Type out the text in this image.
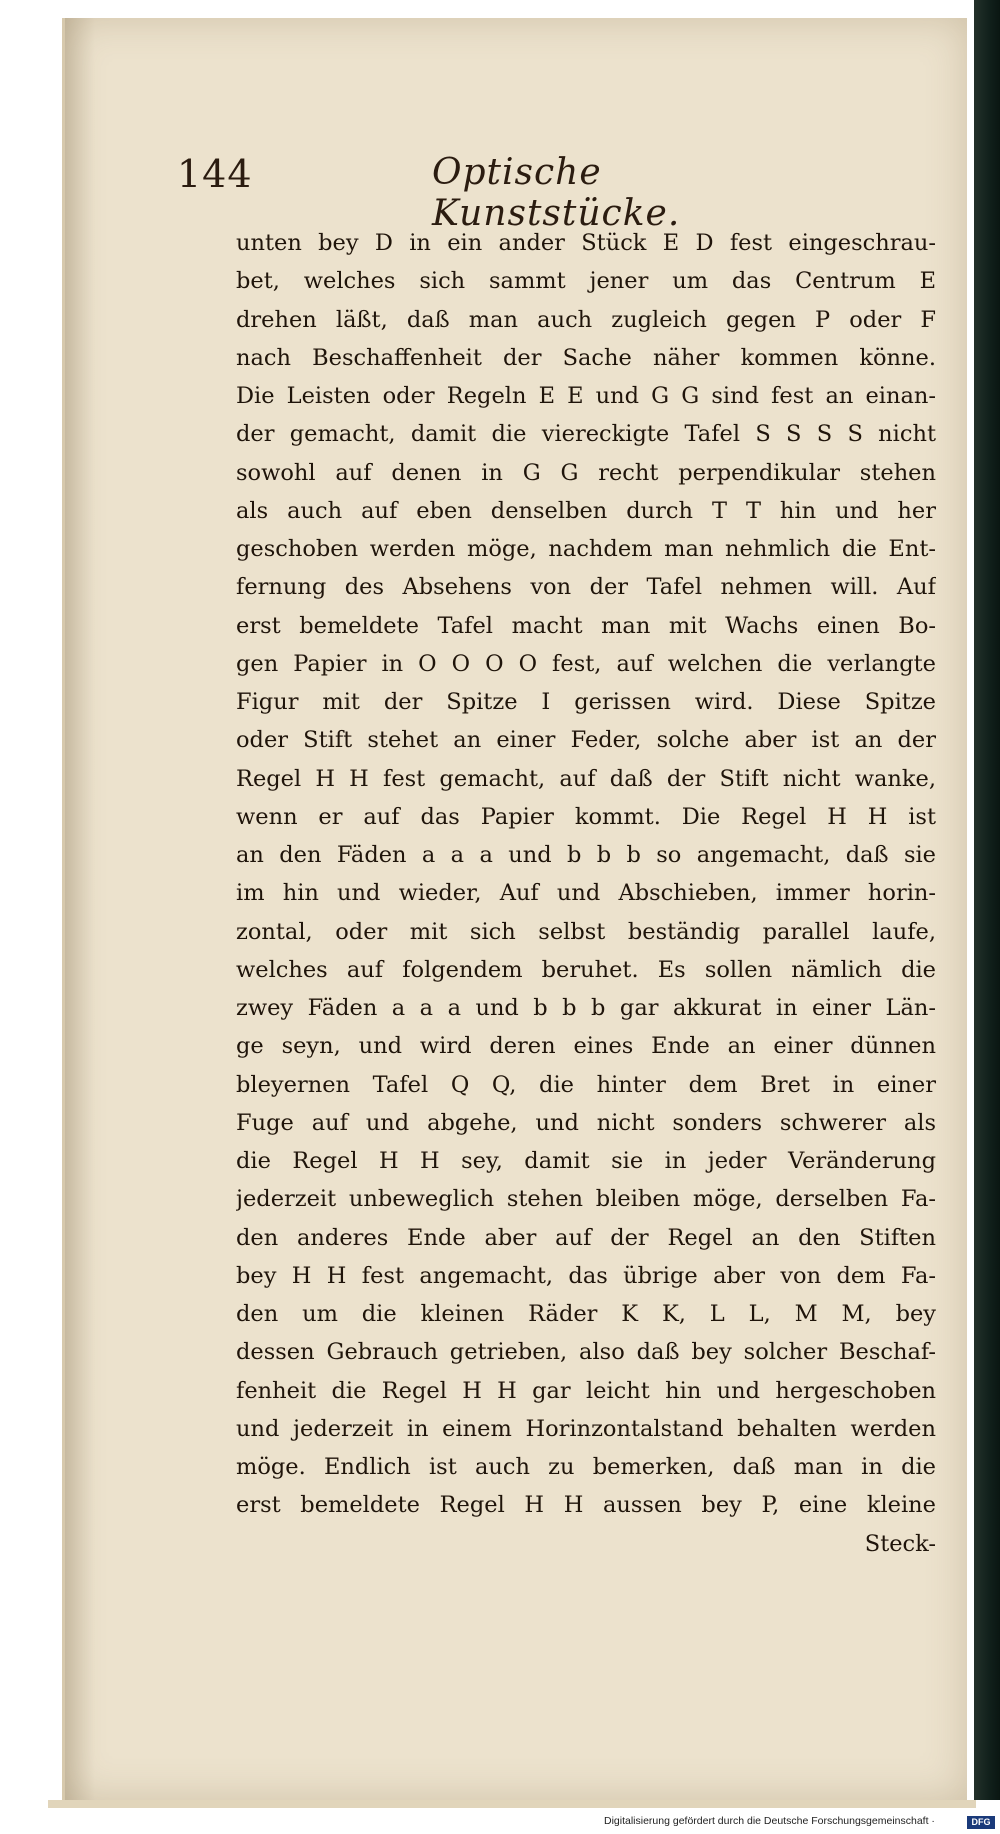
144	Optische Kunststücke.
unten bey D in ein ander Stück E D fest eingeschrau-
bet, welches sich sammt jener um das Centrum E
drehen läßt, daß man auch zugleich gegen P oder F
nach Beschaffenheit der Sache näher kommen könne.
Die Leisten oder Regeln E E und G G sind fest an einan-
der gemacht, damit die viereckigte Tafel S S S S nicht
sowohl auf denen in G G recht perpendikular stehen
als auch auf eben denselben durch T T hin und her
geschoben werden möge, nachdem man nehmlich die Ent-
fernung des Absehens von der Tafel nehmen will. Auf
erst bemeldete Tafel macht man mit Wachs einen Bo-
gen Papier in O O O O fest, auf welchen die verlangte
Figur mit der Spitze I gerissen wird. Diese Spitze
oder Stift stehet an einer Feder, solche aber ist an der
Regel H H fest gemacht, auf daß der Stift nicht wanke,
wenn er auf das Papier kommt. Die Regel H H ist
an den Fäden a a a und b b b so angemacht, daß sie
im hin und wieder, Auf und Abschieben, immer horin-
zontal, oder mit sich selbst beständig parallel laufe,
welches auf folgendem beruhet. Es sollen nämlich die
zwey Fäden a a a und b b b gar akkurat in einer Län-
ge seyn, und wird deren eines Ende an einer dünnen
bleyernen Tafel Q Q, die hinter dem Bret in einer
Fuge auf und abgehe, und nicht sonders schwerer als
die Regel H H sey, damit sie in jeder Veränderung
jederzeit unbeweglich stehen bleiben möge, derselben Fa-
den anderes Ende aber auf der Regel an den Stiften
bey H H fest angemacht, das übrige aber von dem Fa-
den um die kleinen Räder K K, L L, M M, bey
dessen Gebrauch getrieben, also daß bey solcher Beschaf-
fenheit die Regel H H gar leicht hin und hergeschoben
und jederzeit in einem Horinzontalstand behalten werden
möge. Endlich ist auch zu bemerken, daß man in die
erst bemeldete Regel H H aussen bey P, eine kleine
Steck-
Digitalisierung gefördert durch die Deutsche Forschungsgemeinschaft ·	DFG
